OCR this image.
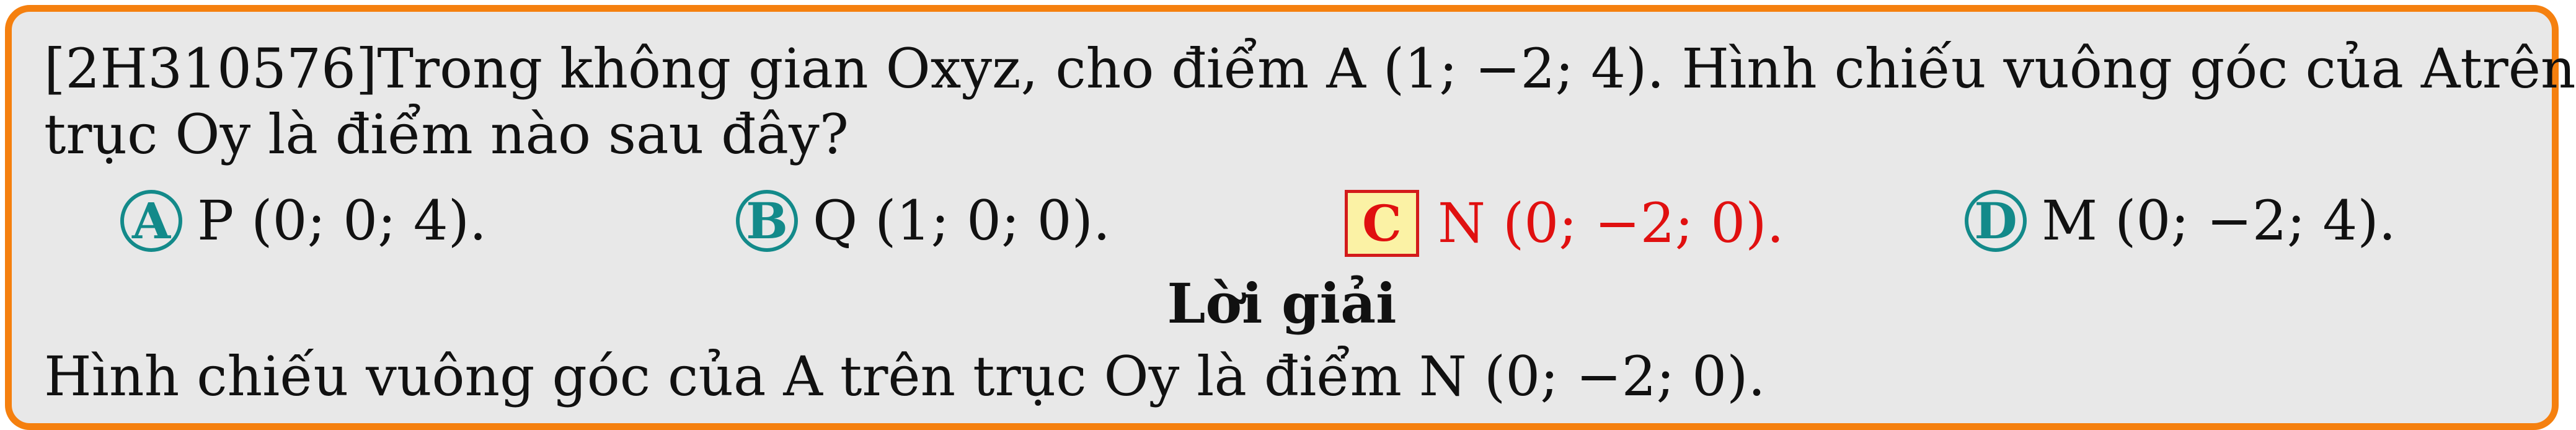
[2H310576]Trong không gian Oxyz, cho điểm A (1; −2; 4). Hình chiếu vuông góc của A trên
trục Oy là điểm nào sau đây?
A P (0; 0; 4).	B Q (1; 0; 0).	C N (0; −2; 0).	D M (0; −2; 4).
Lời giải
Hình chiếu vuông góc của A trên trục Oy là điểm N (0; −2; 0).
